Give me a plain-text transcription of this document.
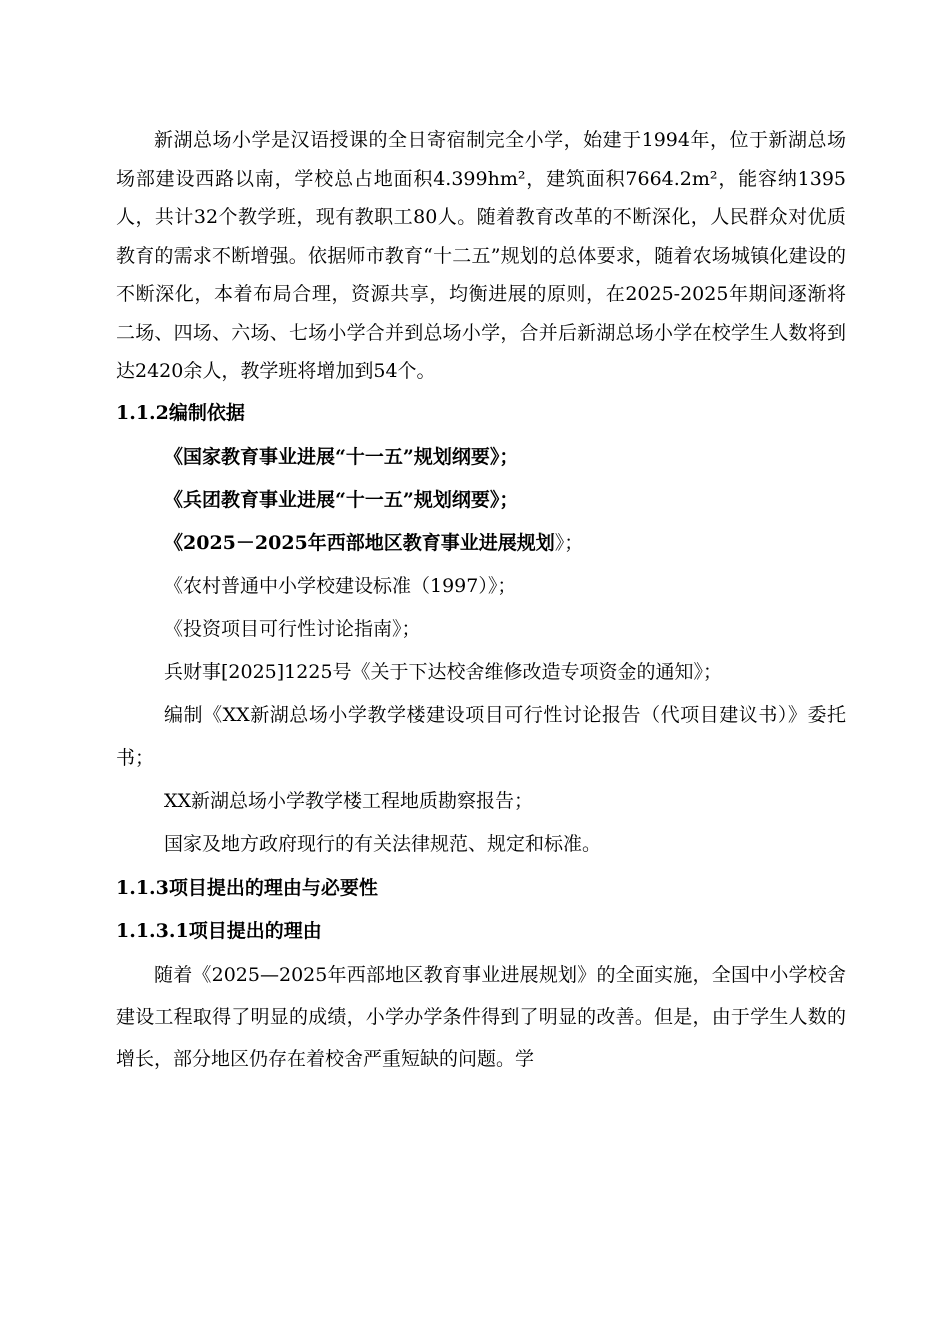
新湖总场小学是汉语授课的全日寄宿制完全小学，始建于1994年，位于新湖总场场部建设西路以南，学校总占地面积4.399hm²，建筑面积7664.2m²，能容纳1395人，共计32个教学班，现有教职工80人。随着教育改革的不断深化，人民群众对优质教育的需求不断增强。依据师市教育“十二五”规划的总体要求，随着农场城镇化建设的不断深化，本着布局合理，资源共享，均衡进展的原则，在2025-2025年期间逐渐将二场、四场、六场、七场小学合并到总场小学，合并后新湖总场小学在校学生人数将到达2420余人，教学班将增加到54个。

1.1.2编制依据
《国家教育事业进展“十一五”规划纲要》；
《兵团教育事业进展“十一五”规划纲要》；
《2025－2025年西部地区教育事业进展规划》；
《农村普通中小学校建设标准（1997）》；
《投资项目可行性讨论指南》；
兵财事[2025]1225号《关于下达校舍维修改造专项资金的通知》；
编制《XX新湖总场小学教学楼建设项目可行性讨论报告（代项目建议书）》委托书；
XX新湖总场小学教学楼工程地质勘察报告；
国家及地方政府现行的有关法律规范、规定和标准。
1.1.3项目提出的理由与必要性
1.1.3.1项目提出的理由

随着《2025—2025年西部地区教育事业进展规划》的全面实施，全国中小学校舍建设工程取得了明显的成绩，小学办学条件得到了明显的改善。但是，由于学生人数的增长，部分地区仍存在着校舍严重短缺的问题。学
